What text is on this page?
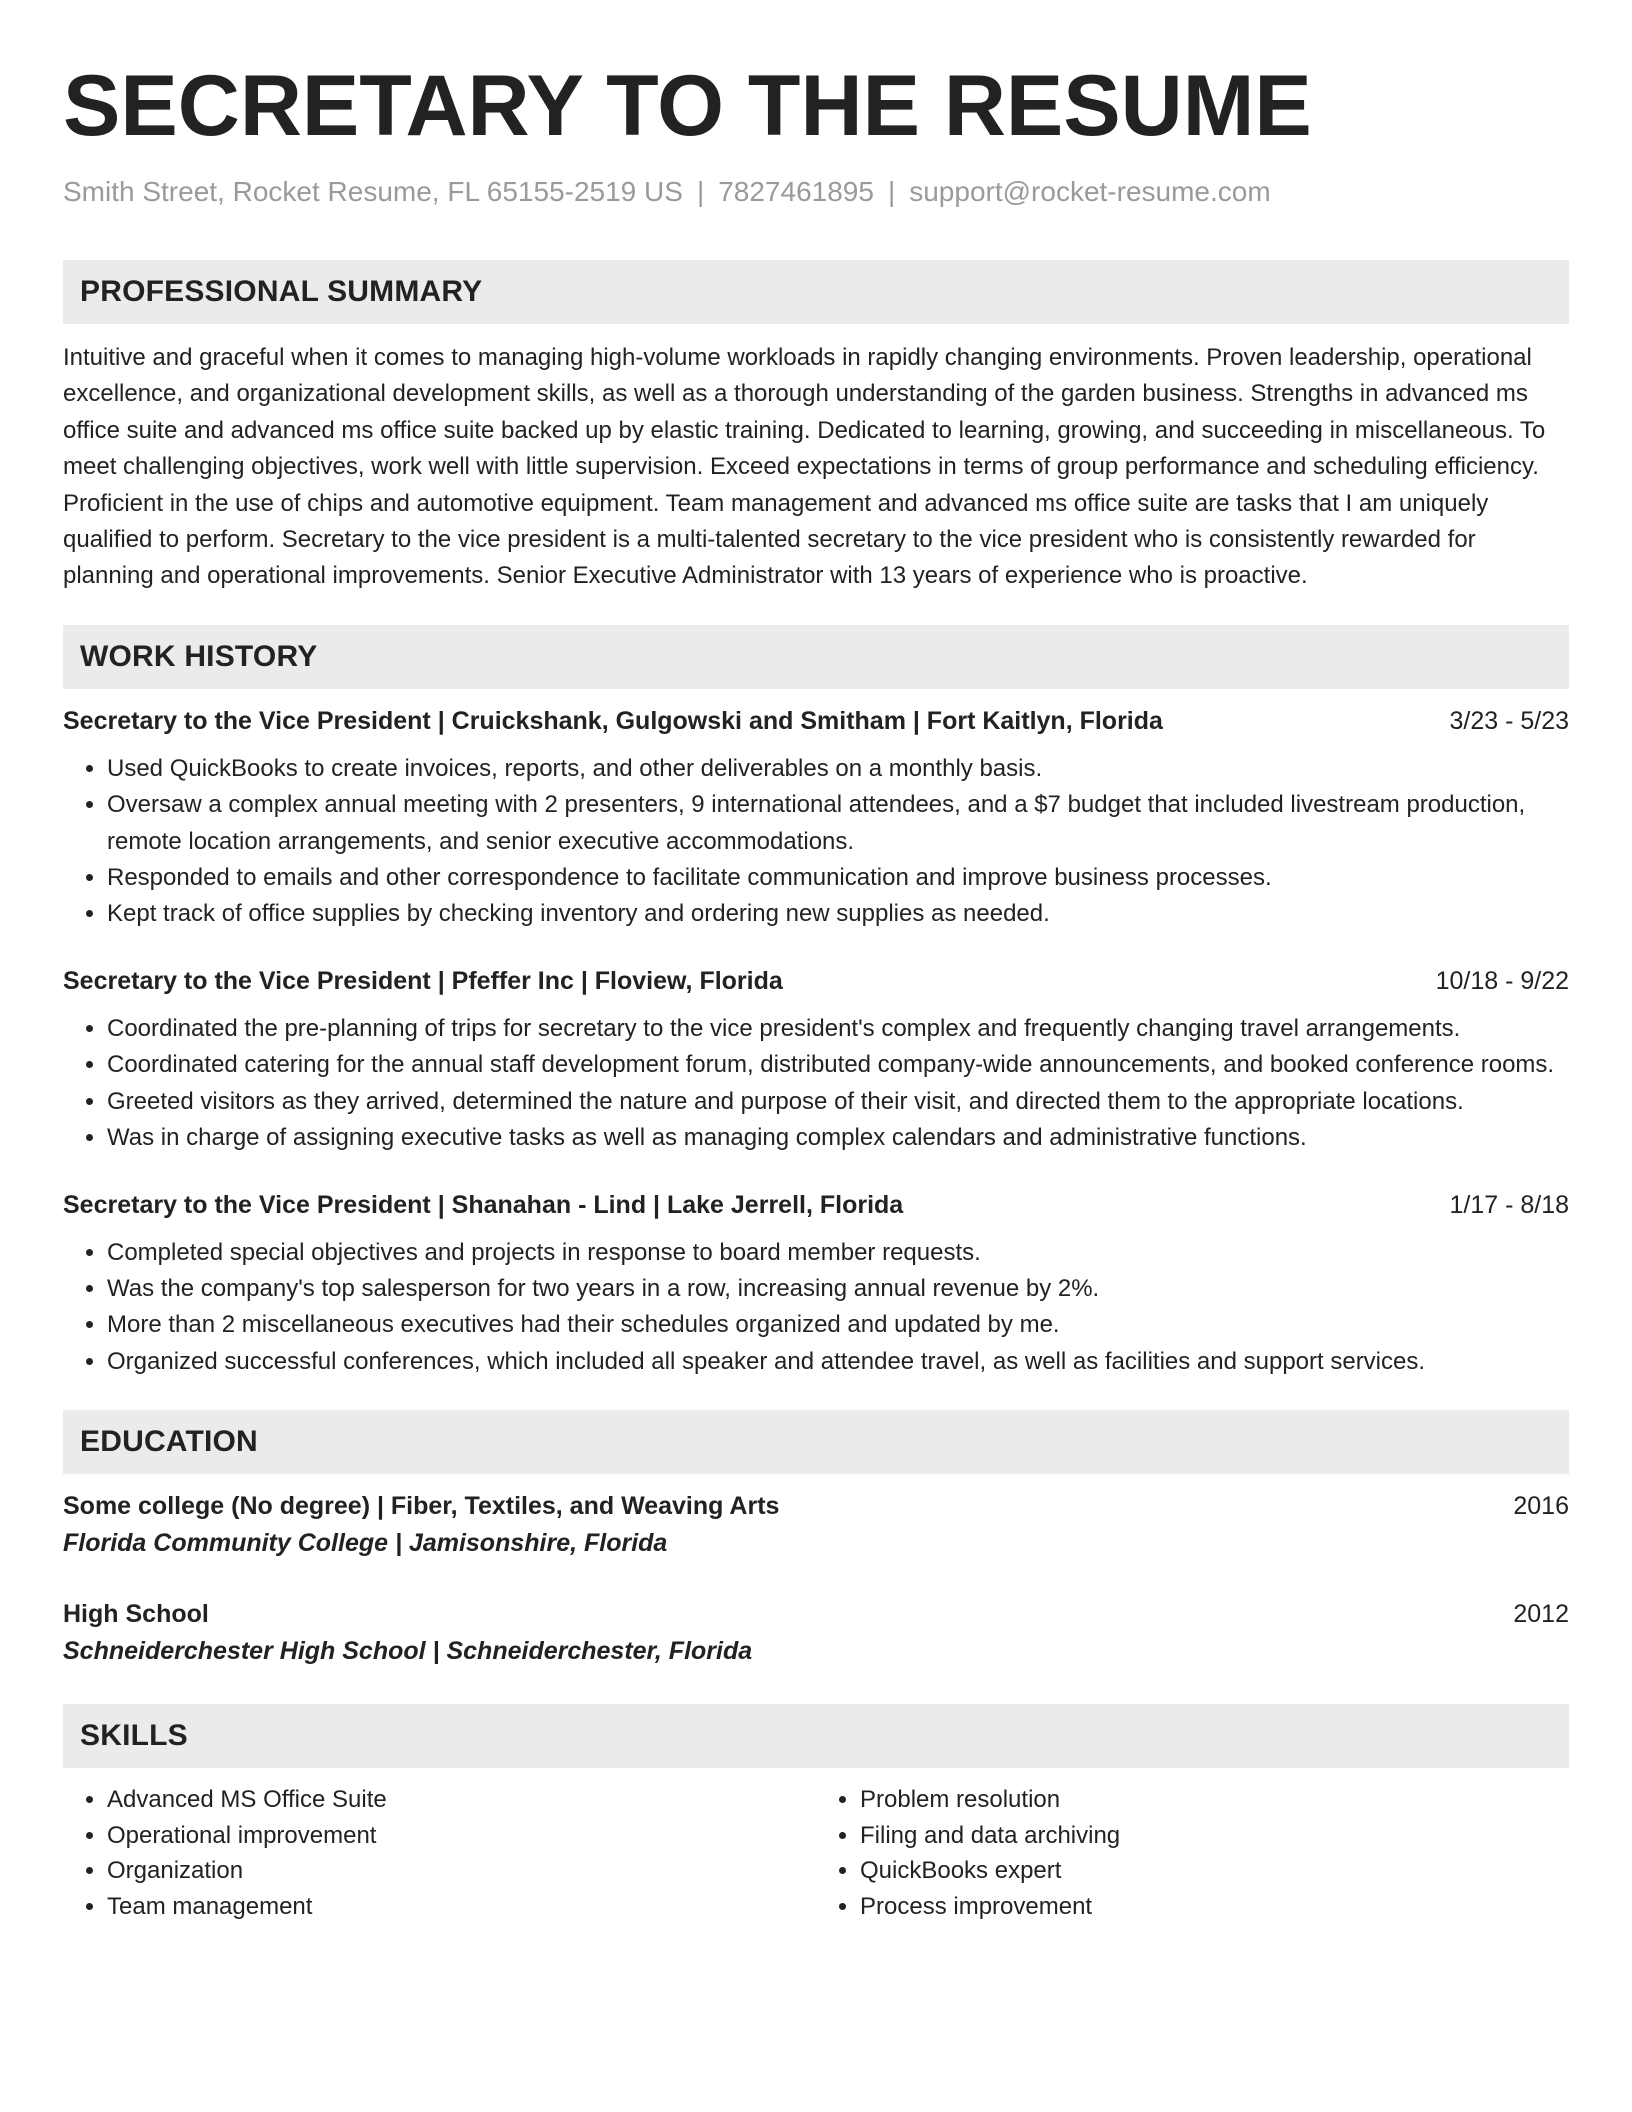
SECRETARY TO THE RESUME
Smith Street, Rocket Resume, FL 65155-2519 US | 7827461895 | support@rocket-resume.com
PROFESSIONAL SUMMARY

Intuitive and graceful when it comes to managing high-volume workloads in rapidly changing environments. Proven leadership, operational excellence, and organizational development skills, as well as a thorough understanding of the garden business. Strengths in advanced ms office suite and advanced ms office suite backed up by elastic training. Dedicated to learning, growing, and succeeding in miscellaneous. To meet challenging objectives, work well with little supervision. Exceed expectations in terms of group performance and scheduling efficiency. Proficient in the use of chips and automotive equipment. Team management and advanced ms office suite are tasks that I am uniquely qualified to perform. Secretary to the vice president is a multi-talented secretary to the vice president who is consistently rewarded for planning and operational improvements. Senior Executive Administrator with 13 years of experience who is proactive.

WORK HISTORY
Secretary to the Vice President | Cruickshank, Gulgowski and Smitham | Fort Kaitlyn, Florida	3/23 - 5/23
• Used QuickBooks to create invoices, reports, and other deliverables on a monthly basis.
• Oversaw a complex annual meeting with 2 presenters, 9 international attendees, and a $7 budget that included livestream production, remote location arrangements, and senior executive accommodations.
• Responded to emails and other correspondence to facilitate communication and improve business processes.
• Kept track of office supplies by checking inventory and ordering new supplies as needed.
Secretary to the Vice President | Pfeffer Inc | Floview, Florida	10/18 - 9/22
• Coordinated the pre-planning of trips for secretary to the vice president's complex and frequently changing travel arrangements.
• Coordinated catering for the annual staff development forum, distributed company-wide announcements, and booked conference rooms.
• Greeted visitors as they arrived, determined the nature and purpose of their visit, and directed them to the appropriate locations.
• Was in charge of assigning executive tasks as well as managing complex calendars and administrative functions.
Secretary to the Vice President | Shanahan - Lind | Lake Jerrell, Florida	1/17 - 8/18
• Completed special objectives and projects in response to board member requests.
• Was the company's top salesperson for two years in a row, increasing annual revenue by 2%.
• More than 2 miscellaneous executives had their schedules organized and updated by me.
• Organized successful conferences, which included all speaker and attendee travel, as well as facilities and support services.
EDUCATION
Some college (No degree) | Fiber, Textiles, and Weaving Arts	2016
Florida Community College | Jamisonshire, Florida
High School	2012
Schneiderchester High School | Schneiderchester, Florida
SKILLS
• Advanced MS Office Suite
• Operational improvement
• Organization
• Team management
• Problem resolution
• Filing and data archiving
• QuickBooks expert
• Process improvement
